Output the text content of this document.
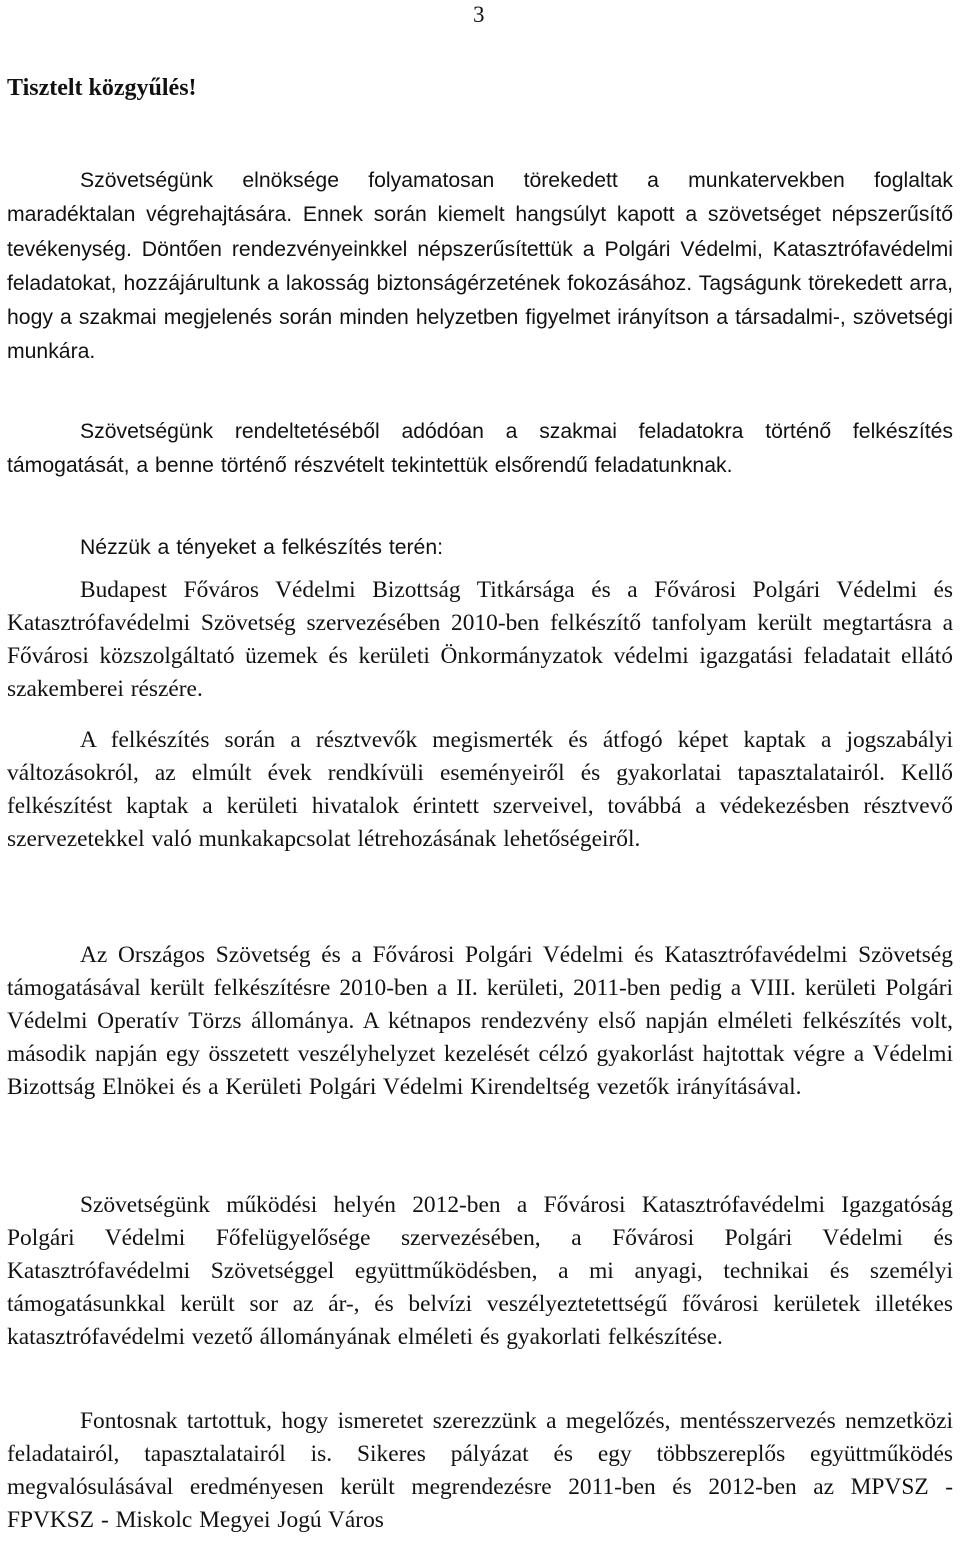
3
Tisztelt közgyűlés!

Szövetségünk elnöksége folyamatosan törekedett a munkatervekben foglaltak maradéktalan végrehajtására. Ennek során kiemelt hangsúlyt kapott a szövetséget népszerűsítő tevékenység. Döntően rendezvényeinkkel népszerűsítettük a Polgári Védelmi, Katasztrófavédelmi feladatokat, hozzájárultunk a lakosság biztonságérzetének fokozásához. Tagságunk törekedett arra, hogy a szakmai megjelenés során minden helyzetben figyelmet irányítson a társadalmi-, szövetségi munkára.

Szövetségünk rendeltetéséből adódóan a szakmai feladatokra történő felkészítés támogatását, a benne történő részvételt tekintettük elsőrendű feladatunknak.

Nézzük a tényeket a felkészítés terén:

Budapest Főváros Védelmi Bizottság Titkársága és a Fővárosi Polgári Védelmi és Katasztrófavédelmi Szövetség szervezésében 2010-ben felkészítő tanfolyam került megtartásra a Fővárosi közszolgáltató üzemek és kerületi Önkormányzatok védelmi igazgatási feladatait ellátó szakemberei részére.

A felkészítés során a résztvevők megismerték és átfogó képet kaptak a jogszabályi változásokról, az elmúlt évek rendkívüli eseményeiről és gyakorlatai tapasztalatairól. Kellő felkészítést kaptak a kerületi hivatalok érintett szerveivel, továbbá a védekezésben résztvevő szervezetekkel való munkakapcsolat létrehozásának lehetőségeiről.

Az Országos Szövetség és a Fővárosi Polgári Védelmi és Katasztrófavédelmi Szövetség támogatásával került felkészítésre 2010-ben a II. kerületi, 2011-ben pedig a VIII. kerületi Polgári Védelmi Operatív Törzs állománya. A kétnapos rendezvény első napján elméleti felkészítés volt, második napján egy összetett veszélyhelyzet kezelését célzó gyakorlást hajtottak végre a Védelmi Bizottság Elnökei és a Kerületi Polgári Védelmi Kirendeltség vezetők irányításával.

Szövetségünk működési helyén 2012-ben a Fővárosi Katasztrófavédelmi Igazgatóság Polgári Védelmi Főfelügyelősége szervezésében, a Fővárosi Polgári Védelmi és Katasztrófavédelmi Szövetséggel együttműködésben, a mi anyagi, technikai és személyi támogatásunkkal került sor az ár-, és belvízi veszélyeztetettségű fővárosi kerületek illetékes katasztrófavédelmi vezető állományának elméleti és gyakorlati felkészítése.

Fontosnak tartottuk, hogy ismeretet szerezzünk a megelőzés, mentésszervezés nemzetközi feladatairól, tapasztalatairól is. Sikeres pályázat és egy többszereplős együttműködés megvalósulásával eredményesen került megrendezésre 2011-ben és 2012-ben az MPVSZ - FPVKSZ - Miskolc Megyei Jogú Város
